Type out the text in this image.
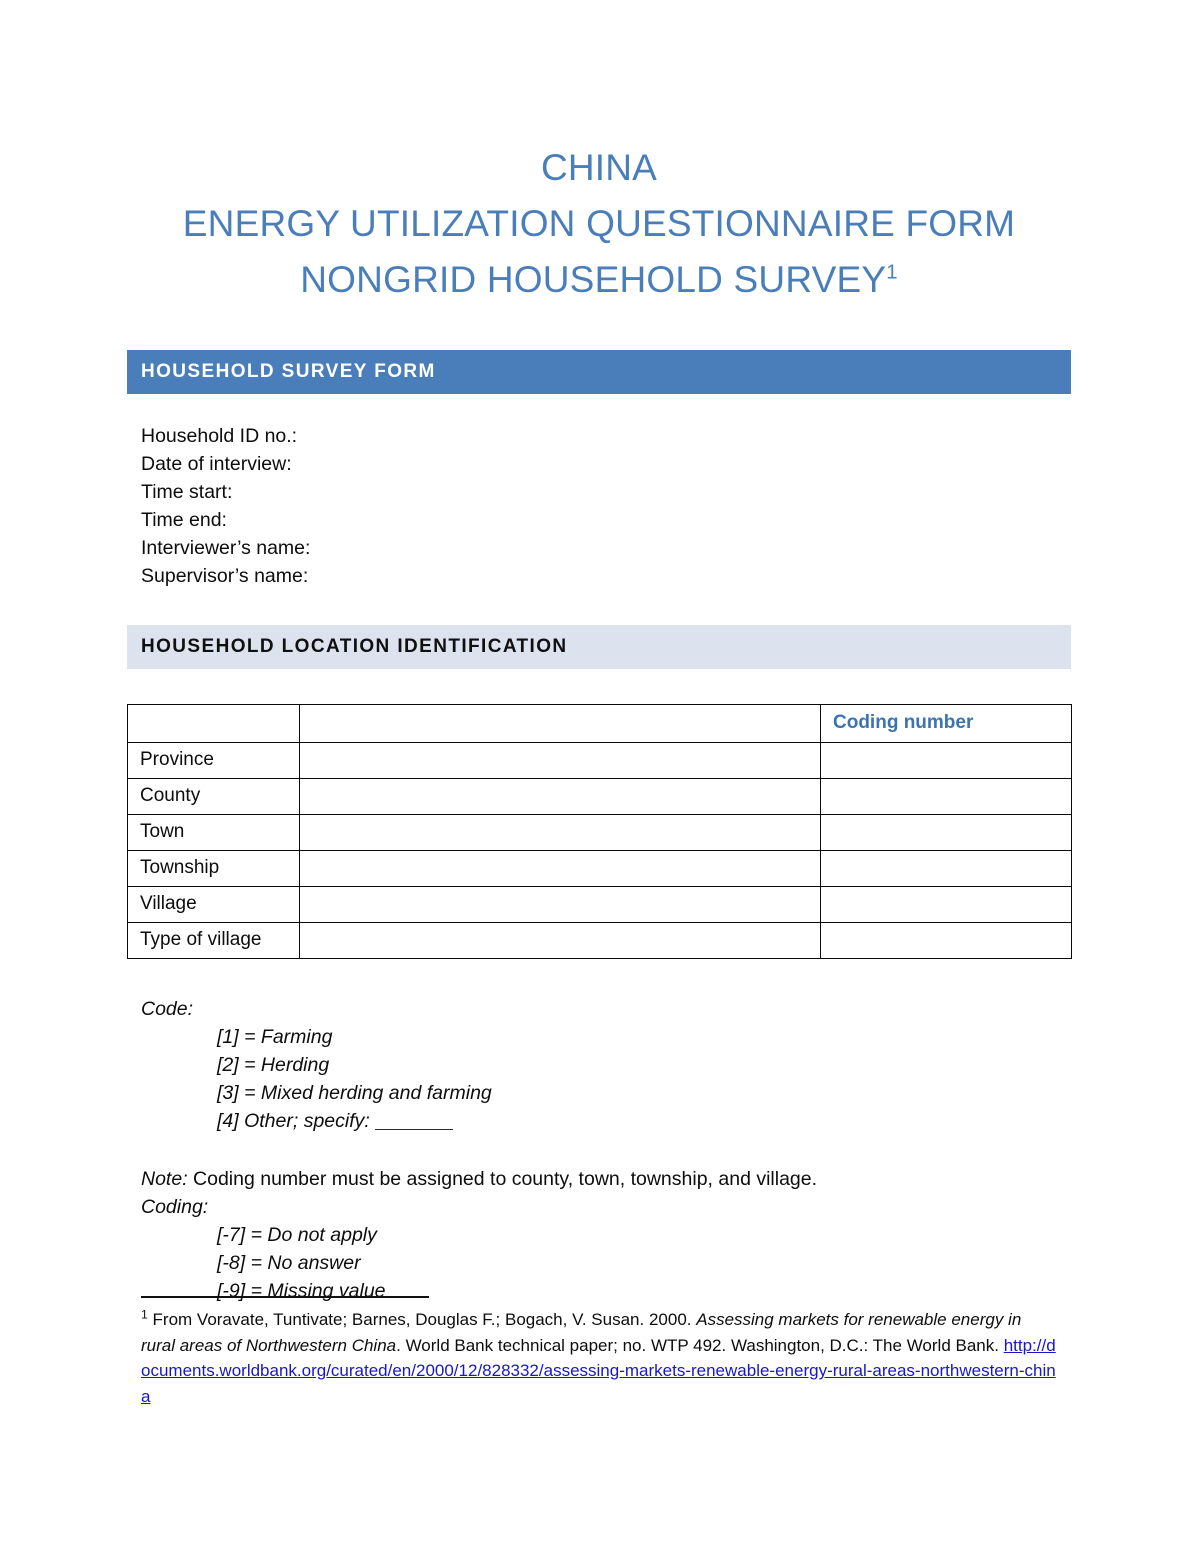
CHINA
ENERGY UTILIZATION QUESTIONNAIRE FORM
NONGRID HOUSEHOLD SURVEY$^1$
HOUSEHOLD SURVEY FORM
Household ID no.:
Date of interview:
Time start:
Time end:
Interviewer’s name:
Supervisor’s name:
HOUSEHOLD LOCATION IDENTIFICATION
		Coding number
Province		
County		
Town		
Township		
Village		
Type of village		
Code:
[1] = Farming
[2] = Herding
[3] = Mixed herding and farming
[4] Other; specify:
Note: Coding number must be assigned to county, town, township, and village.
Coding:
[-7] = Do not apply
[-8] = No answer
[-9] = Missing value
$^1$ From Voravate, Tuntivate; Barnes, Douglas F.; Bogach, V. Susan. 2000. Assessing markets for renewable energy in rural areas of Northwestern China. World Bank technical paper; no. WTP 492. Washington, D.C.: The World Bank. http://documents.worldbank.org/curated/en/2000/12/828332/assessing-markets-renewable-energy-rural-areas-northwestern-china
